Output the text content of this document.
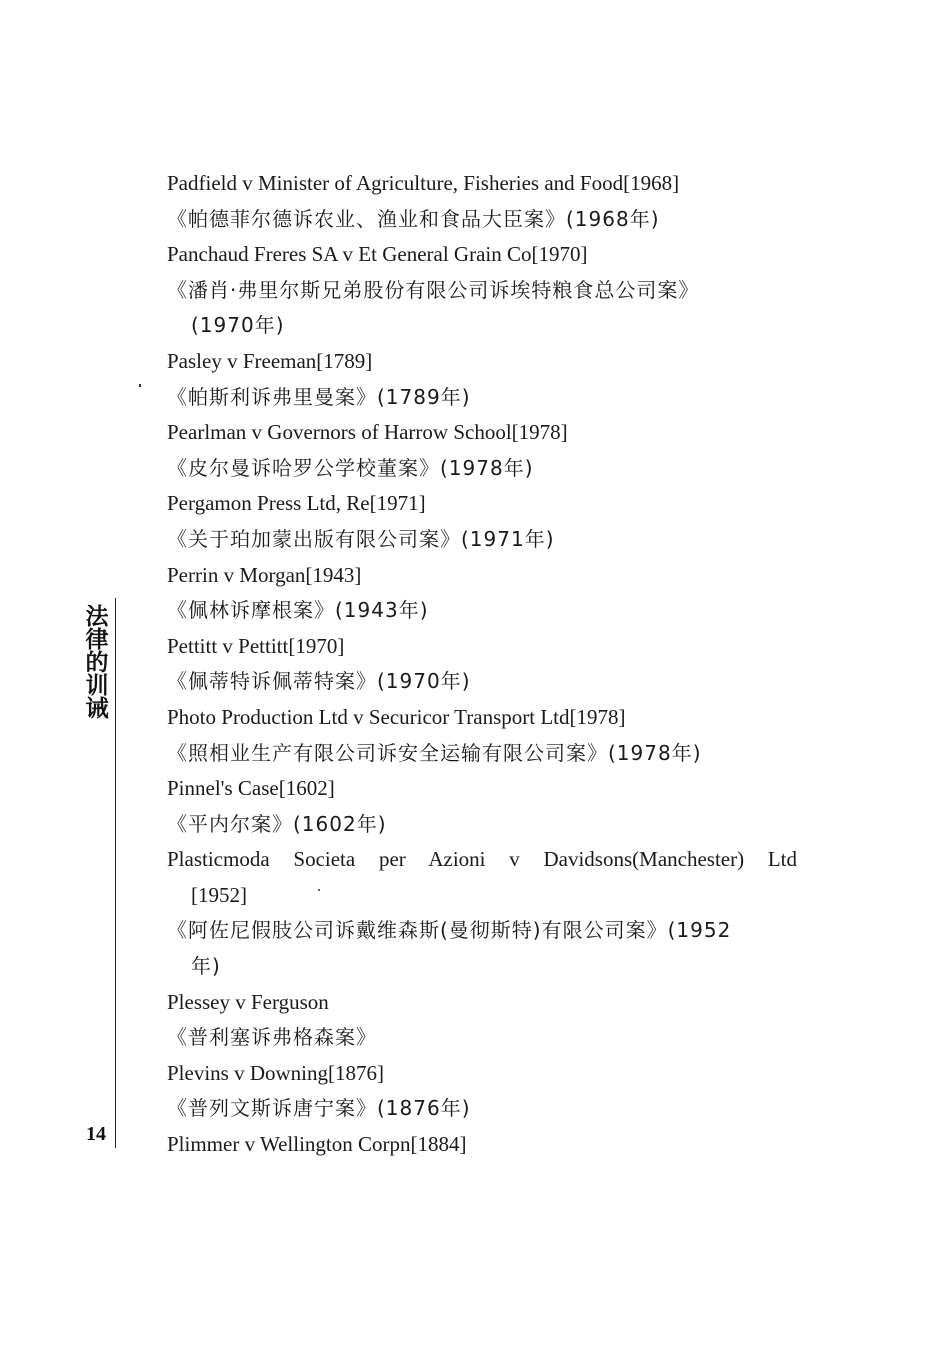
法
律
的
训
诫
14
Padfield v Minister of Agriculture, Fisheries and Food[1968]
《帕德菲尔德诉农业、渔业和食品大臣案》(1968年)
Panchaud Freres SA v Et General Grain Co[1970]
《潘肖·弗里尔斯兄弟股份有限公司诉埃特粮食总公司案》
(1970年)
Pasley v Freeman[1789]
《帕斯利诉弗里曼案》(1789年)
Pearlman v Governors of Harrow School[1978]
《皮尔曼诉哈罗公学校董案》(1978年)
Pergamon Press Ltd, Re[1971]
《关于珀加蒙出版有限公司案》(1971年)
Perrin v Morgan[1943]
《佩林诉摩根案》(1943年)
Pettitt v Pettitt[1970]
《佩蒂特诉佩蒂特案》(1970年)
Photo Production Ltd v Securicor Transport Ltd[1978]
《照相业生产有限公司诉安全运输有限公司案》(1978年)
Pinnel's Case[1602]
《平内尔案》(1602年)
Plasticmoda Societa per Azioni v Davidsons(Manchester) Ltd
[1952]
《阿佐尼假肢公司诉戴维森斯(曼彻斯特)有限公司案》(1952
年)
Plessey v Ferguson
《普利塞诉弗格森案》
Plevins v Downing[1876]
《普列文斯诉唐宁案》(1876年)
Plimmer v Wellington Corpn[1884]
